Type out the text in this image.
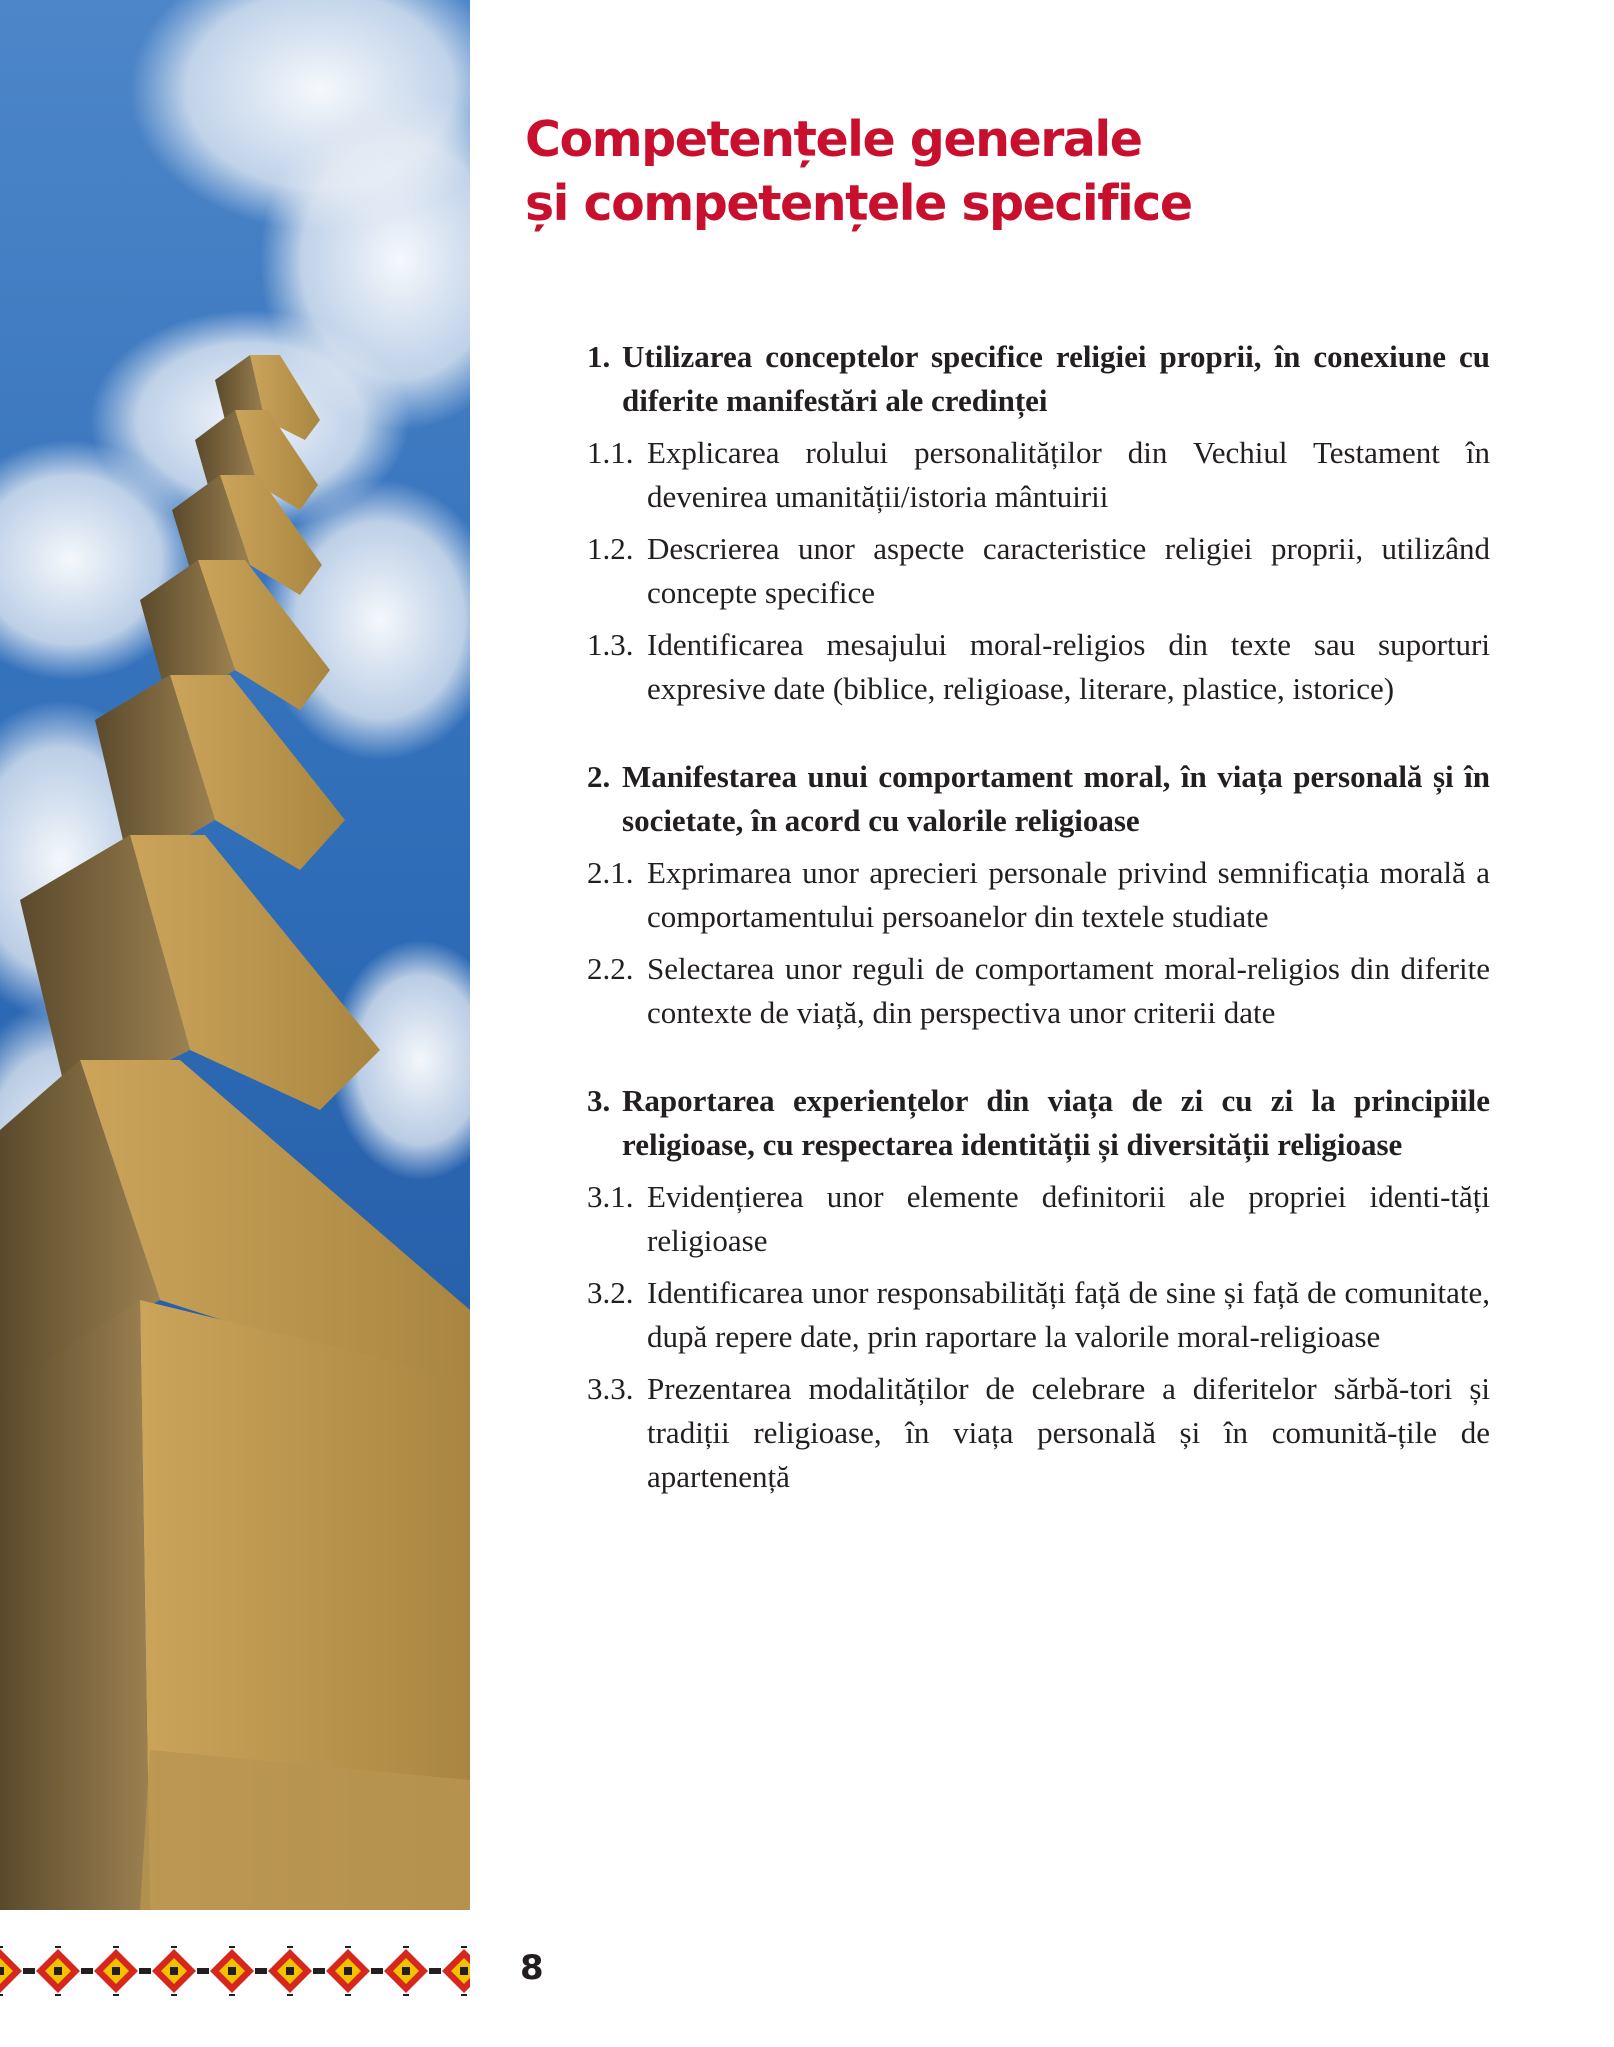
Competențele generale
și competențele specifice
1. Utilizarea conceptelor specifice religiei proprii, în conexiune cu diferite manifestări ale credinței
1.1. Explicarea rolului personalităților din Vechiul Testament în devenirea umanității/istoria mântuirii
1.2. Descrierea unor aspecte caracteristice religiei proprii, utilizând concepte specifice
1.3. Identificarea mesajului moral-religios din texte sau suporturi expresive date (biblice, religioase, literare, plastice, istorice)
2. Manifestarea unui comportament moral, în viața personală și în societate, în acord cu valorile religioase
2.1. Exprimarea unor aprecieri personale privind semnificația morală a comportamentului persoanelor din textele studiate
2.2. Selectarea unor reguli de comportament moral-religios din diferite contexte de viață, din perspectiva unor criterii date
3. Raportarea experiențelor din viața de zi cu zi la principiile religioase, cu respectarea identității și diversității religioase
3.1. Evidențierea unor elemente definitorii ale propriei identi-tăți religioase
3.2. Identificarea unor responsabilități față de sine și față de comunitate, după repere date, prin raportare la valorile moral-religioase
3.3. Prezentarea modalităților de celebrare a diferitelor sărbă-tori și tradiții religioase, în viața personală și în comunită-țile de apartenență
8
